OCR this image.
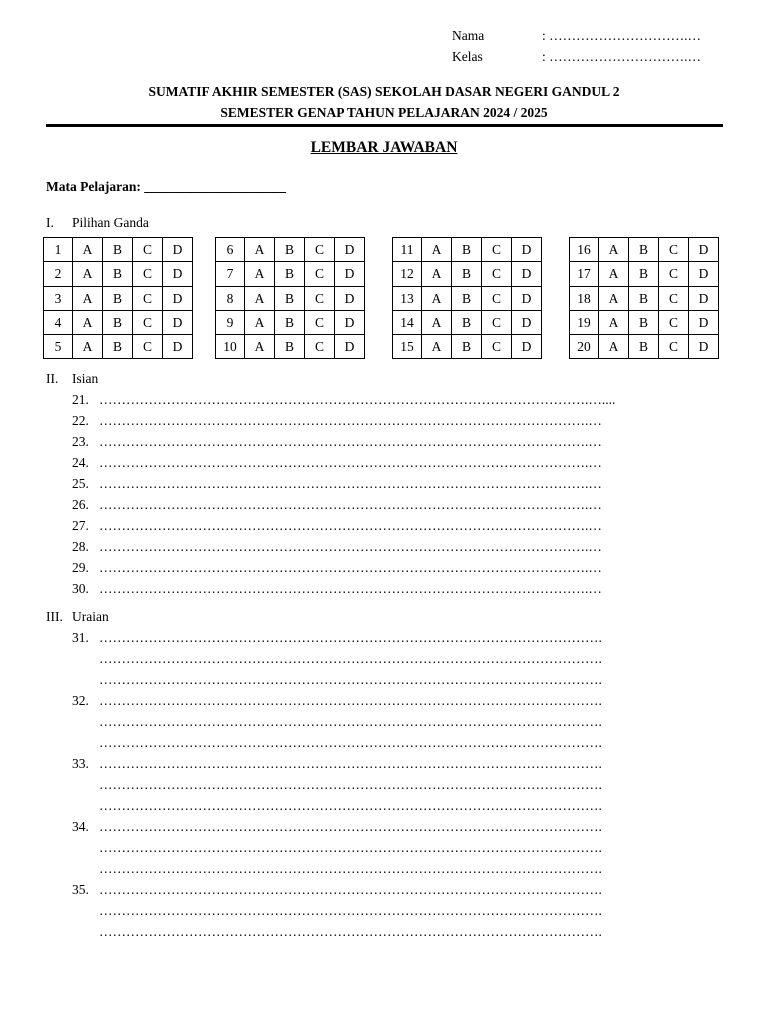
Nama	: ………………………….…
Kelas	: ………………………….…
SUMATIF AKHIR SEMESTER (SAS) SEKOLAH DASAR NEGERI GANDUL 2
SEMESTER GENAP TAHUN PELAJARAN 2024 / 2025
LEMBAR JAWABAN
Mata Pelajaran: _____________________
I. Pilihan Ganda
1	A	B	C	D
2	A	B	C	D
3	A	B	C	D
4	A	B	C	D
5	A	B	C	D
6	A	B	C	D
7	A	B	C	D
8	A	B	C	D
9	A	B	C	D
10	A	B	C	D
11	A	B	C	D
12	A	B	C	D
13	A	B	C	D
14	A	B	C	D
15	A	B	C	D
16	A	B	C	D
17	A	B	C	D
18	A	B	C	D
19	A	B	C	D
20	A	B	C	D
II. Isian
21. ……………………………………………………………………………………………….…....
22. ……………………………………………………………………………………………….…
23. ……………………………………………………………………………………………….…
24. ……………………………………………………………………………………………….…
25. ……………………………………………………………………………………………….…
26. ……………………………………………………………………………………………….…
27. ……………………………………………………………………………………………….…
28. ……………………………………………………………………………………………….…
29. ……………………………………………………………………………………………….…
30. ……………………………………………………………………………………………….…
III. Uraian
31. ………………………………………………………………………………………………….
………………………………………………………………………………………………….
………………………………………………………………………………………………….
32. ………………………………………………………………………………………………….
………………………………………………………………………………………………….
………………………………………………………………………………………………….
33. ………………………………………………………………………………………………….
………………………………………………………………………………………………….
………………………………………………………………………………………………….
34. ………………………………………………………………………………………………….
………………………………………………………………………………………………….
………………………………………………………………………………………………….
35. ………………………………………………………………………………………………….
………………………………………………………………………………………………….
………………………………………………………………………………………………….
